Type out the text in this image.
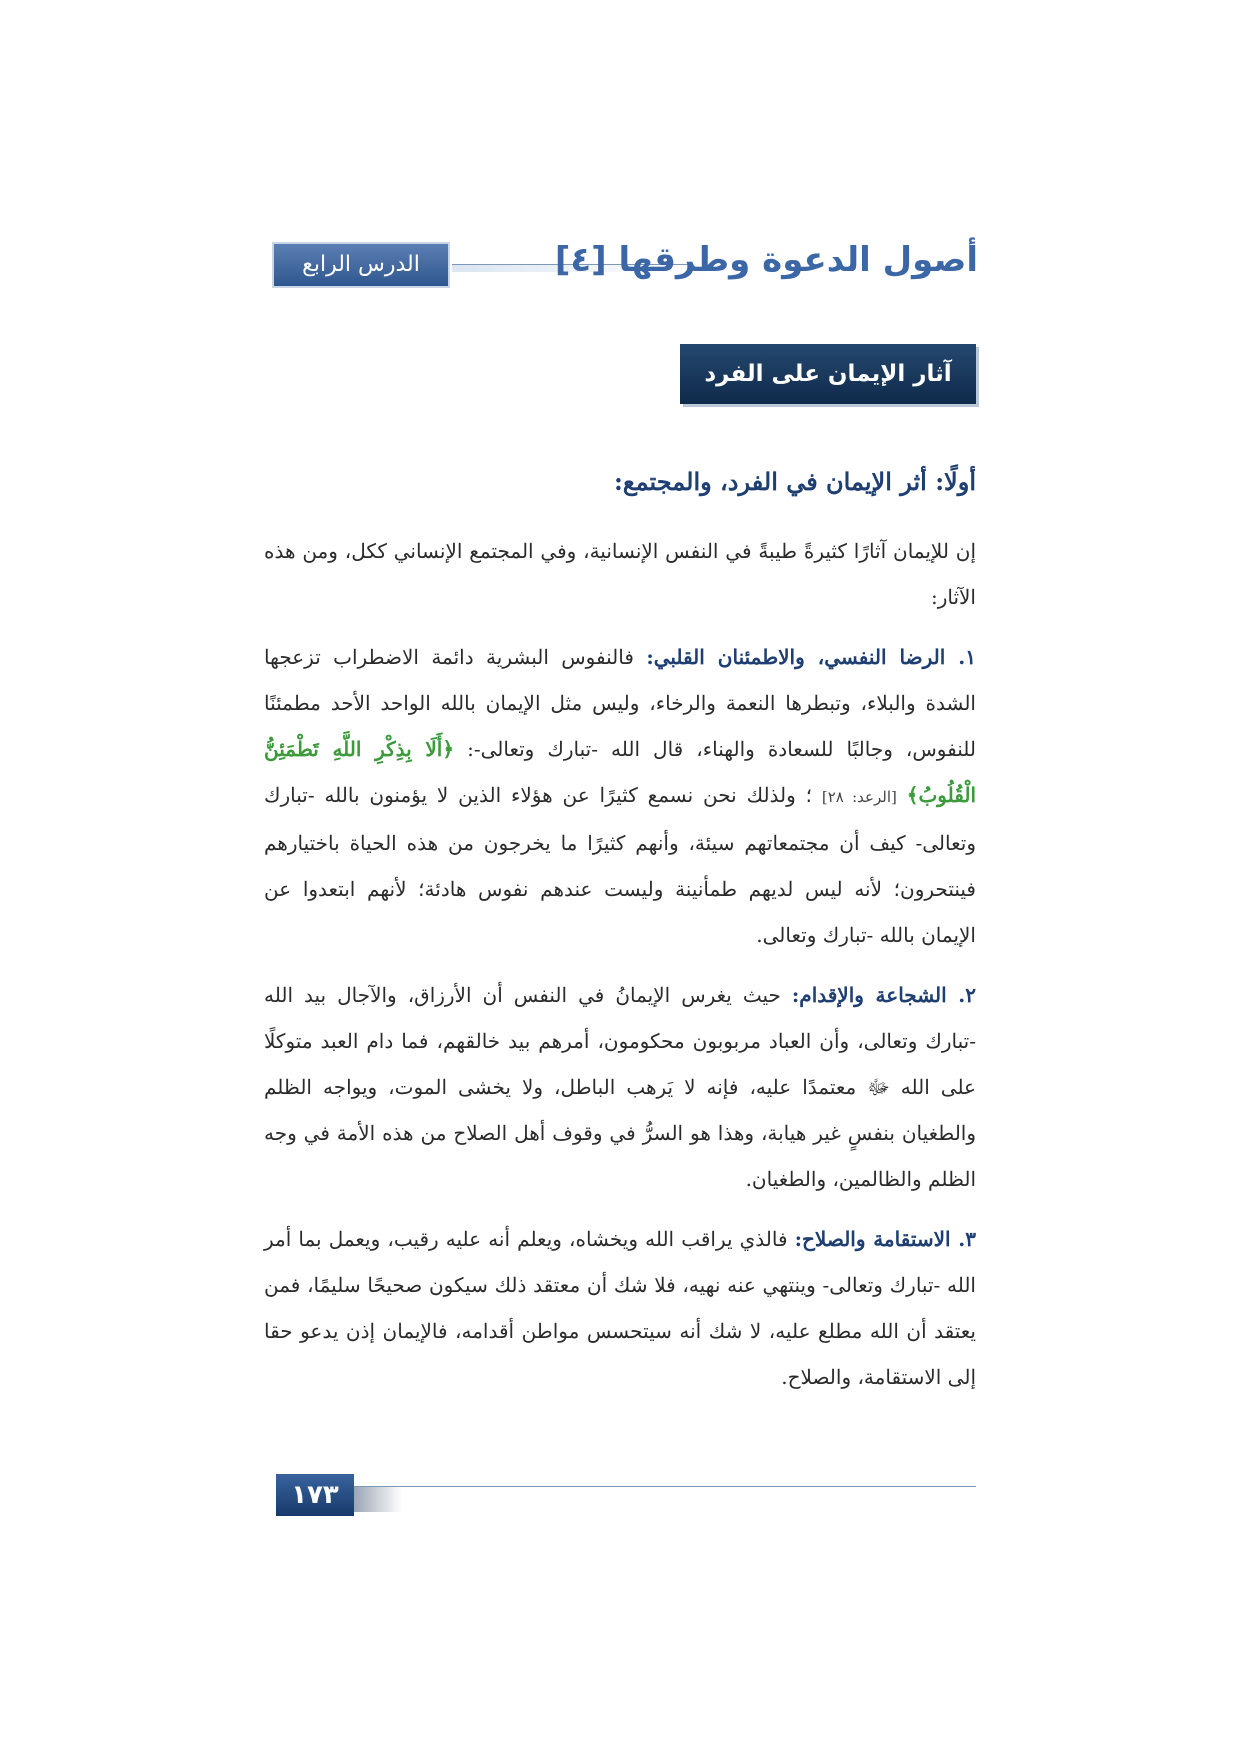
الدرس الرابع	أصول الدعوة وطرقها [٤]
آثار الإيمان على الفرد والمجتمع

أولًا: أثر الإيمان في الفرد، والمجتمع:

إن للإيمان آثارًا كثيرةً طيبةً في النفس الإنسانية، وفي المجتمع الإنساني ككل، ومن هذه الآثار:

١. الرضا النفسي، والاطمئنان القلبي: فالنفوس البشرية دائمة الاضطراب تزعجها الشدة والبلاء، وتبطرها النعمة والرخاء، وليس مثل الإيمان بالله الواحد الأحد مطمئنًا للنفوس، وجالبًا للسعادة والهناء، قال الله -تبارك وتعالى-: ﴿أَلَا بِذِكْرِ اللَّهِ تَطْمَئِنُّ الْقُلُوبُ﴾ [الرعد: ٢٨] ؛ ولذلك نحن نسمع كثيرًا عن هؤلاء الذين لا يؤمنون بالله -تبارك وتعالى- كيف أن مجتمعاتهم سيئة، وأنهم كثيرًا ما يخرجون من هذه الحياة باختيارهم فينتحرون؛ لأنه ليس لديهم طمأنينة وليست عندهم نفوس هادئة؛ لأنهم ابتعدوا عن الإيمان بالله -تبارك وتعالى.

٢. الشجاعة والإقدام: حيث يغرس الإيمانُ في النفس أن الأرزاق، والآجال بيد الله -تبارك وتعالى، وأن العباد مربوبون محكومون، أمرهم بيد خالقهم، فما دام العبد متوكلًا على الله ﷻ معتمدًا عليه، فإنه لا يَرهب الباطل، ولا يخشى الموت، ويواجه الظلم والطغيان بنفسٍ غير هيابة، وهذا هو السرُّ في وقوف أهل الصلاح من هذه الأمة في وجه الظلم والظالمين، والطغيان.

٣. الاستقامة والصلاح: فالذي يراقب الله ويخشاه، ويعلم أنه عليه رقيب، ويعمل بما أمر الله -تبارك وتعالى- وينتهي عنه نهيه، فلا شك أن معتقد ذلك سيكون صحيحًا سليمًا، فمن يعتقد أن الله مطلع عليه، لا شك أنه سيتحسس مواطن أقدامه، فالإيمان إذن يدعو حقا إلى الاستقامة، والصلاح.

١٧٣
